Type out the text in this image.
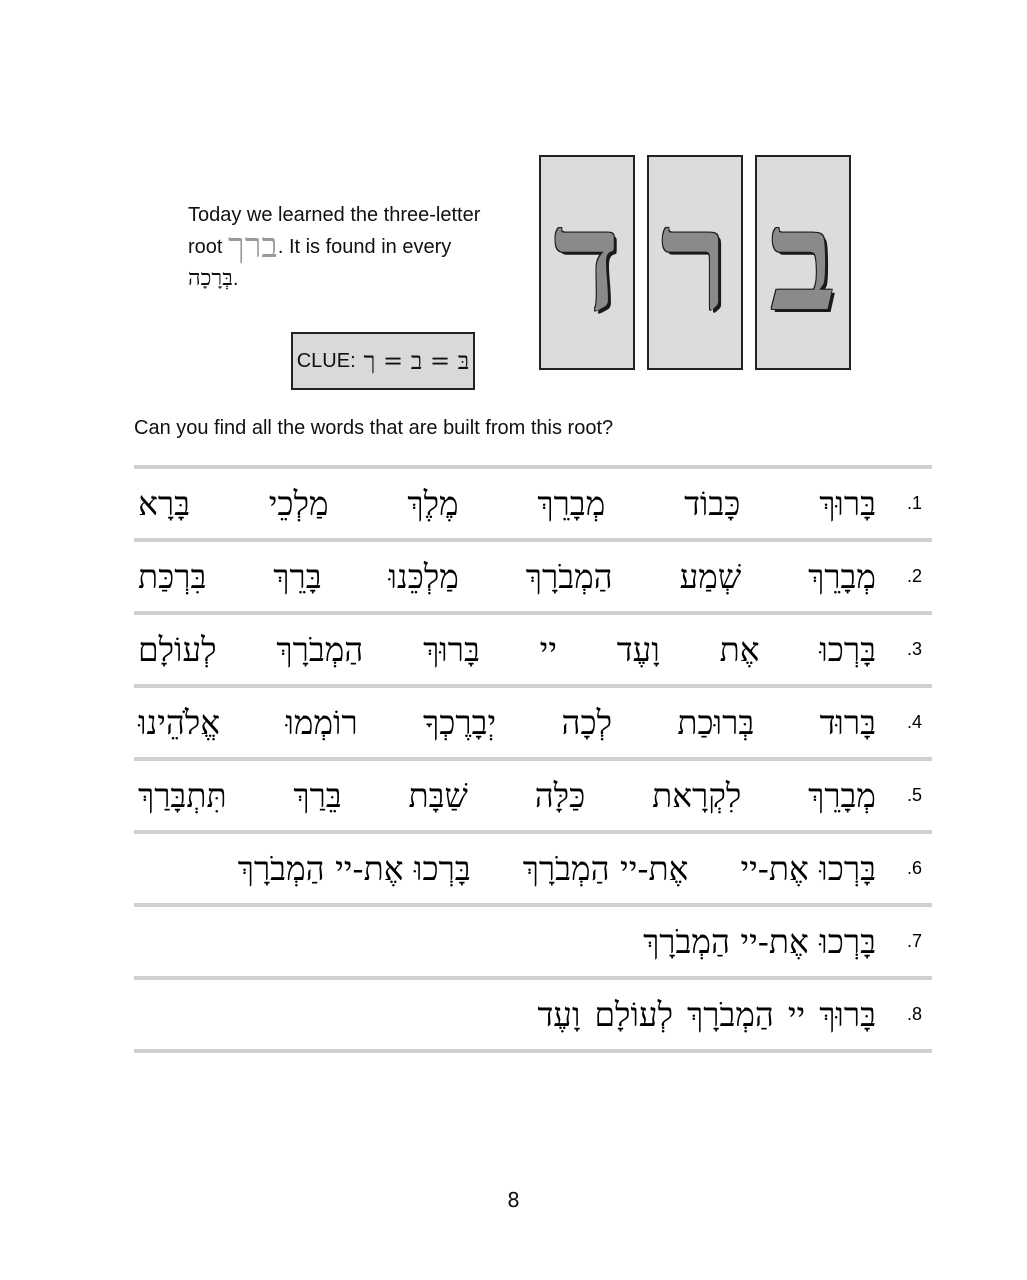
Today we learned the three-letter
root ברך. It is found in every
בְּרָכָה.
CLUE: בּ = ב = ך
ד ר ב
Can you find all the words that are built from this root?
.1
בָּרוּךְ
כָּבוֹד
מְבָרֵךְ
מֶלֶךְ
מַלְכֵי
בָּרָא
.2
מְבָרֵךְ
שְׁמַע
הַמְבֹרָךְ
מַלְכֵּנוּ
בָּרֵךְ
בִּרְכַּת
.3
בָּרְכוּ
אֶת
וָעֶד
יי
בָּרוּךְ
הַמְבֹרָךְ
לְעוֹלָם
.4
בָּרוּד
בְּרוּכַת
לְכָה
יְבָרֶכְךָ
רוֹמְמוּ
אֱלֹהֵינוּ
.5
מְבָרֵךְ
לִקְרָאת
כַּלָּה
שַׁבָּת
בֵּרַךְ
תִּתְבָּרַךְ
.6
בָּרְכוּ אֶת-יי
אֶת-יי הַמְבֹרָךְ
בָּרְכוּ אֶת-יי הַמְבֹרָךְ
.7
בָּרְכוּ אֶת-יי הַמְבֹרָךְ
.8
בָּרוּךְ
יי
הַמְבֹרָךְ
לְעוֹלָם
וָעֶד
8
